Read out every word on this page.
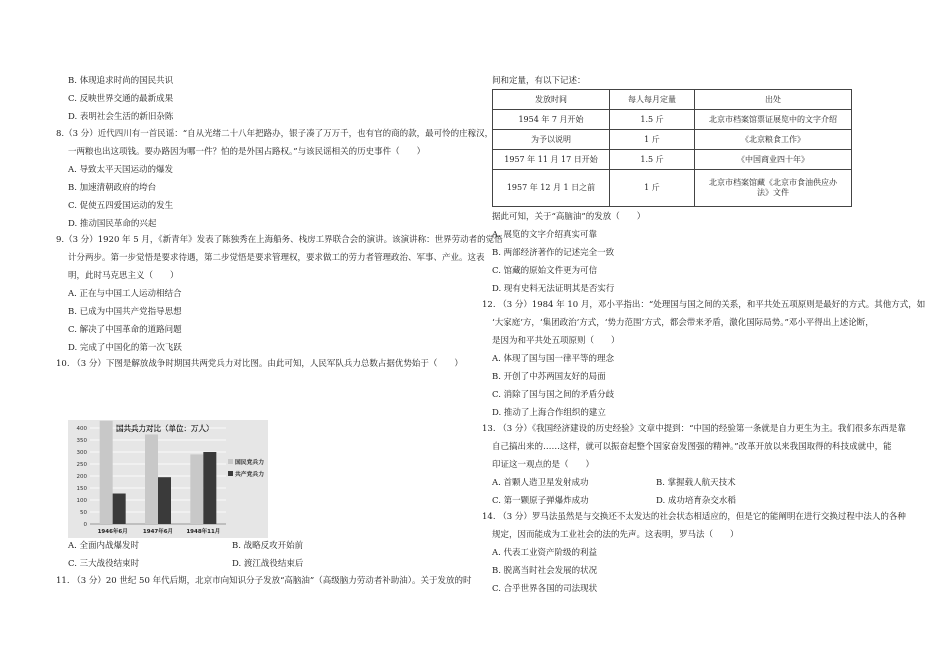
B. 体现追求时尚的国民共识
C. 反映世界交通的最新成果
D. 表明社会生活的新旧杂陈
8.（3 分）近代四川有一首民谣：“自从光绪二十八年把路办，银子凑了万万千，也有官的商的款，最可怜的庄稼汉，
一两粮也出这项钱。要办路因为哪一件？怕的是外国占路权。”与该民谣相关的历史事件（　　）
A. 导致太平天国运动的爆发
B. 加速清朝政府的垮台
C. 促使五四爱国运动的发生
D. 推动国民革命的兴起
9.（3 分）1920 年 5 月，《新青年》发表了陈独秀在上海船务、栈房工界联合会的演讲。该演讲称：世界劳动者的觉悟
计分两步。第一步觉悟是要求待遇，第二步觉悟是要求管理权，要求做工的劳力者管理政治、军事、产业。这表
明，此时马克思主义（　　）
A. 正在与中国工人运动相结合
B. 已成为中国共产党指导思想
C. 解决了中国革命的道路问题
D. 完成了中国化的第一次飞跃
10. （3 分）下图是解放战争时期国共两党兵力对比图。由此可知，人民军队兵力总数占据优势始于（　　）
国共兵力对比（单位：万人）
0
50
100
150
200
250
300
350
400
1946年6月	1947年6月 1948年11月
国民党兵力
共产党兵力
A. 全面内战爆发时	B. 战略反攻开始前
C. 三大战役结束时	D. 渡江战役结束后
11. （3 分）20 世纪 50 年代后期，北京市向知识分子发放“高脑油”（高级脑力劳动者补助油）。关于发放的时
间和定量，有以下记述：
发放时间	每人每月定量	出处
1954 年 7 月开始	1.5 斤	北京市档案馆票证展览中的文字介绍
为予以说明	1 斤	《北京粮食工作》
1957 年 11 月 17 日开始	1.5 斤	《中国商业四十年》
1957 年 12 月 1 日之前	1 斤	北京市档案馆藏《北京市食油供应办
法》文件
据此可知，关于“高脑油”的发放（　　）
A. 展览的文字介绍真实可靠
B. 两部经济著作的记述完全一致
C. 馆藏的原始文件更为可信
D. 现有史料无法证明其是否实行
12. （3 分）1984 年 10 月，邓小平指出：“处理国与国之间的关系，和平共处五项原则是最好的方式。其他方式，如
‘大家庭’方，‘集团政治’方式，‘势力范围’方式，都会带来矛盾，激化国际局势。”邓小平得出上述论断，
是因为和平共处五项原则（　　）
A. 体现了国与国一律平等的理念
B. 开创了中苏两国友好的局面
C. 消除了国与国之间的矛盾分歧
D. 推动了上海合作组织的建立
13. （3 分）《我国经济建设的历史经验》文章中提到：“中国的经验第一条就是自力更生为主。我们很多东西是靠
自己搞出来的……这样，就可以振奋起整个国家奋发图强的精神。”改革开放以来我国取得的科技成就中，能
印证这一观点的是（　　）
A. 首颗人造卫星发射成功	B. 掌握载人航天技术
C. 第一颗原子弹爆炸成功	D. 成功培育杂交水稻
14. （3 分）罗马法虽然是与交换还不太发达的社会状态相适应的，但是它的能阐明在进行交换过程中法人的各种
规定，因而能成为工业社会的法的先声。这表明，罗马法（　　）
A. 代表工业资产阶级的利益
B. 脱离当时社会发展的状况
C. 合乎世界各国的司法现状
